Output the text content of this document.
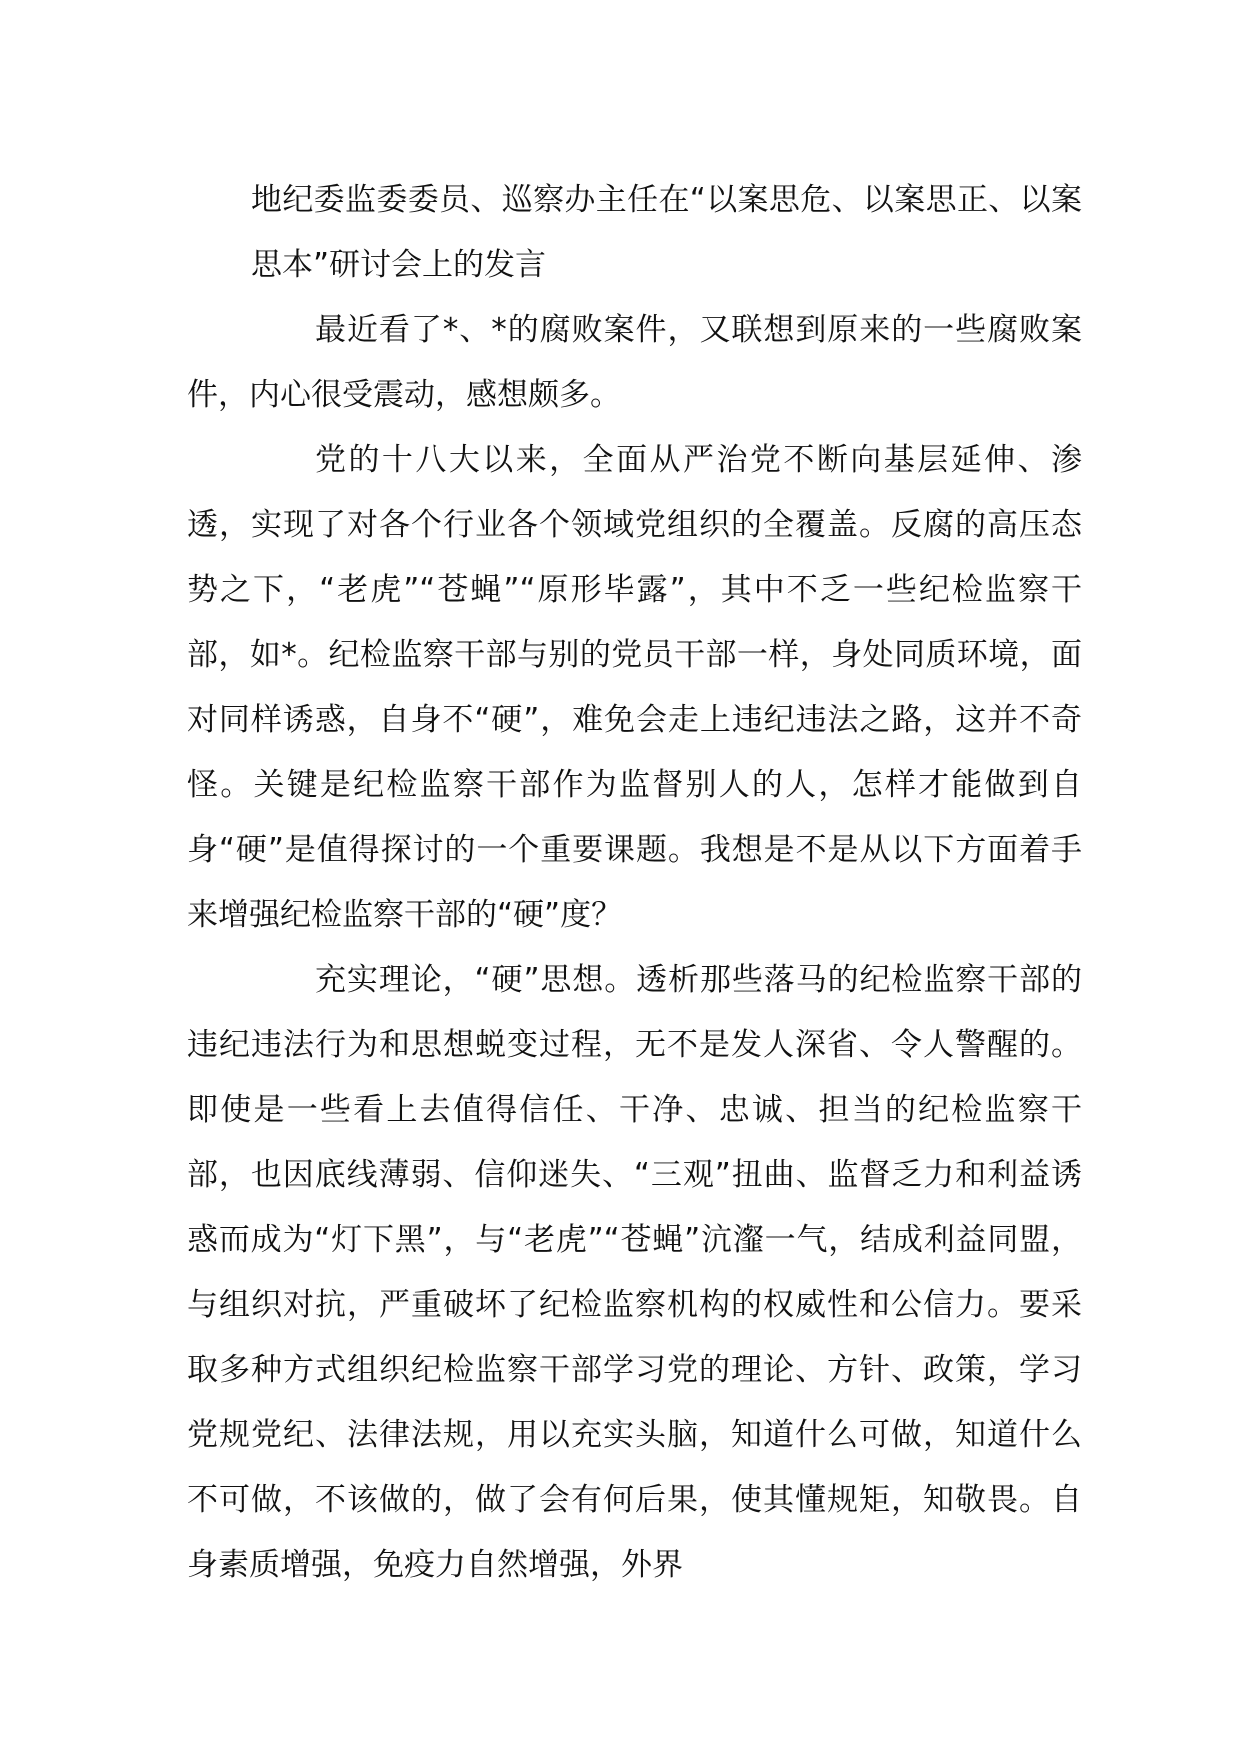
地纪委监委委员、巡察办主任在“以案思危、以案思正、以案思本”研讨会上的发言

最近看了*、*的腐败案件，又联想到原来的一些腐败案件，内心很受震动，感想颇多。

党的十八大以来，全面从严治党不断向基层延伸、渗透，实现了对各个行业各个领域党组织的全覆盖。反腐的高压态势之下，“老虎”“苍蝇”“原形毕露”，其中不乏一些纪检监察干部，如*。纪检监察干部与别的党员干部一样，身处同质环境，面对同样诱惑，自身不“硬”，难免会走上违纪违法之路，这并不奇怪。关键是纪检监察干部作为监督别人的人，怎样才能做到自身“硬”是值得探讨的一个重要课题。我想是不是从以下方面着手来增强纪检监察干部的“硬”度？

充实理论，“硬”思想。透析那些落马的纪检监察干部的违纪违法行为和思想蜕变过程，无不是发人深省、令人警醒的。即使是一些看上去值得信任、干净、忠诚、担当的纪检监察干部，也因底线薄弱、信仰迷失、“三观”扭曲、监督乏力和利益诱惑而成为“灯下黑”，与“老虎”“苍蝇”沆瀣一气，结成利益同盟，与组织对抗，严重破坏了纪检监察机构的权威性和公信力。要采取多种方式组织纪检监察干部学习党的理论、方针、政策，学习党规党纪、法律法规，用以充实头脑，知道什么可做，知道什么不可做，不该做的，做了会有何后果，使其懂规矩，知敬畏。自身素质增强，免疫力自然增强，外界
